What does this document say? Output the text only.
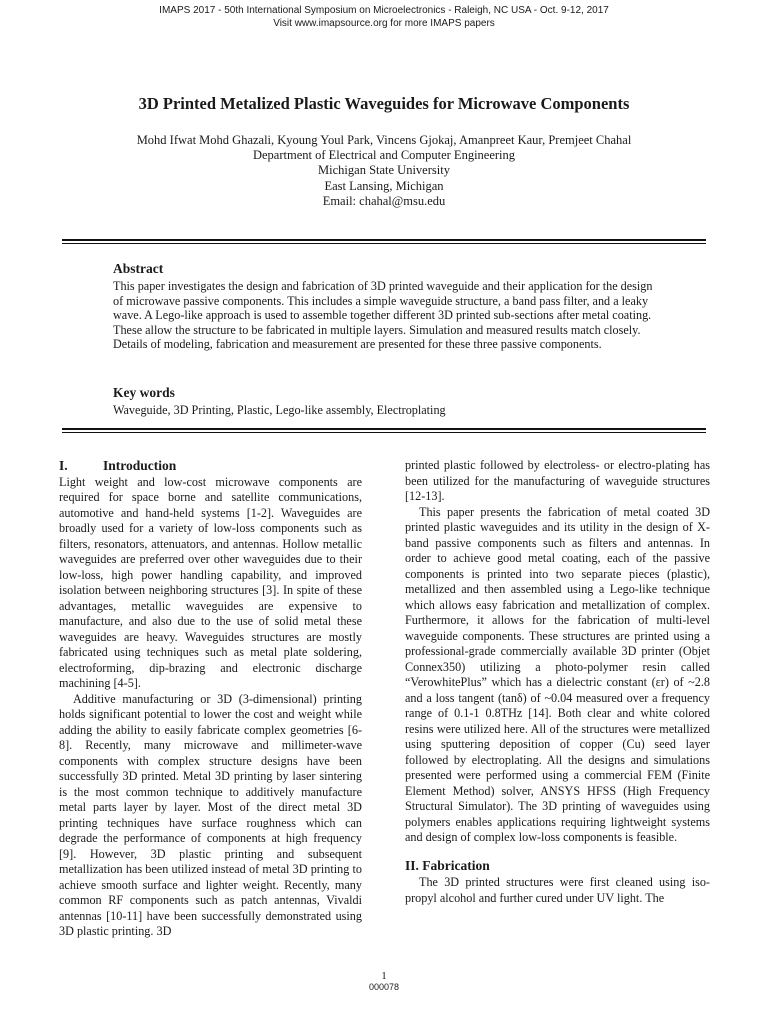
IMAPS 2017 - 50th International Symposium on Microelectronics - Raleigh, NC USA - Oct. 9-12, 2017
Visit www.imapsource.org for more IMAPS papers
3D Printed Metalized Plastic Waveguides for Microwave Components
Mohd Ifwat Mohd Ghazali, Kyoung Youl Park, Vincens Gjokaj, Amanpreet Kaur, Premjeet Chahal
Department of Electrical and Computer Engineering
Michigan State University
East Lansing, Michigan
Email: chahal@msu.edu
Abstract

This paper investigates the design and fabrication of 3D printed waveguide and their application for the design of microwave passive components. This includes a simple waveguide structure, a band pass filter, and a leaky wave. A Lego-like approach is used to assemble together different 3D printed sub-sections after metal coating. These allow the structure to be fabricated in multiple layers. Simulation and measured results match closely. Details of modeling, fabrication and measurement are presented for these three passive components.

Key words

Waveguide, 3D Printing, Plastic, Lego-like assembly, Electroplating

I.	Introduction

Light weight and low-cost microwave components are required for space borne and satellite communications, automotive and hand-held systems [1-2]. Waveguides are broadly used for a variety of low-loss components such as filters, resonators, attenuators, and antennas. Hollow metallic waveguides are preferred over other waveguides due to their low-loss, high power handling capability, and improved isolation between neighboring structures [3]. In spite of these advantages, metallic waveguides are expensive to manufacture, and also due to the use of solid metal these waveguides are heavy. Waveguides structures are mostly fabricated using techniques such as metal plate soldering, electroforming, dip-brazing and electronic discharge machining [4-5].

Additive manufacturing or 3D (3-dimensional) printing holds significant potential to lower the cost and weight while adding the ability to easily fabricate complex geometries [6-8]. Recently, many microwave and millimeter-wave components with complex structure designs have been successfully 3D printed. Metal 3D printing by laser sintering is the most common technique to additively manufacture metal parts layer by layer. Most of the direct metal 3D printing techniques have surface roughness which can degrade the performance of components at high frequency [9]. However, 3D plastic printing and subsequent metallization has been utilized instead of metal 3D printing to achieve smooth surface and lighter weight. Recently, many common RF components such as patch antennas, Vivaldi antennas [10-11] have been successfully demonstrated using 3D plastic printing. 3D

printed plastic followed by electroless- or electro-plating has been utilized for the manufacturing of waveguide structures [12-13].

This paper presents the fabrication of metal coated 3D printed plastic waveguides and its utility in the design of X-band passive components such as filters and antennas. In order to achieve good metal coating, each of the passive components is printed into two separate pieces (plastic), metallized and then assembled using a Lego-like technique which allows easy fabrication and metallization of complex. Furthermore, it allows for the fabrication of multi-level waveguide components. These structures are printed using a professional-grade commercially available 3D printer (Objet Connex350) utilizing a photo-polymer resin called “VerowhitePlus” which has a dielectric constant (εr) of ~2.8 and a loss tangent (tanδ) of ~0.04 measured over a frequency range of 0.1-1 0.8THz [14]. Both clear and white colored resins were utilized here. All of the structures were metallized using sputtering deposition of copper (Cu) seed layer followed by electroplating. All the designs and simulations presented were performed using a commercial FEM (Finite Element Method) solver, ANSYS HFSS (High Frequency Structural Simulator). The 3D printing of waveguides using polymers enables applications requiring lightweight systems and design of complex low-loss components is feasible.

II. Fabrication

The 3D printed structures were first cleaned using iso-propyl alcohol and further cured under UV light. The

1
000078
